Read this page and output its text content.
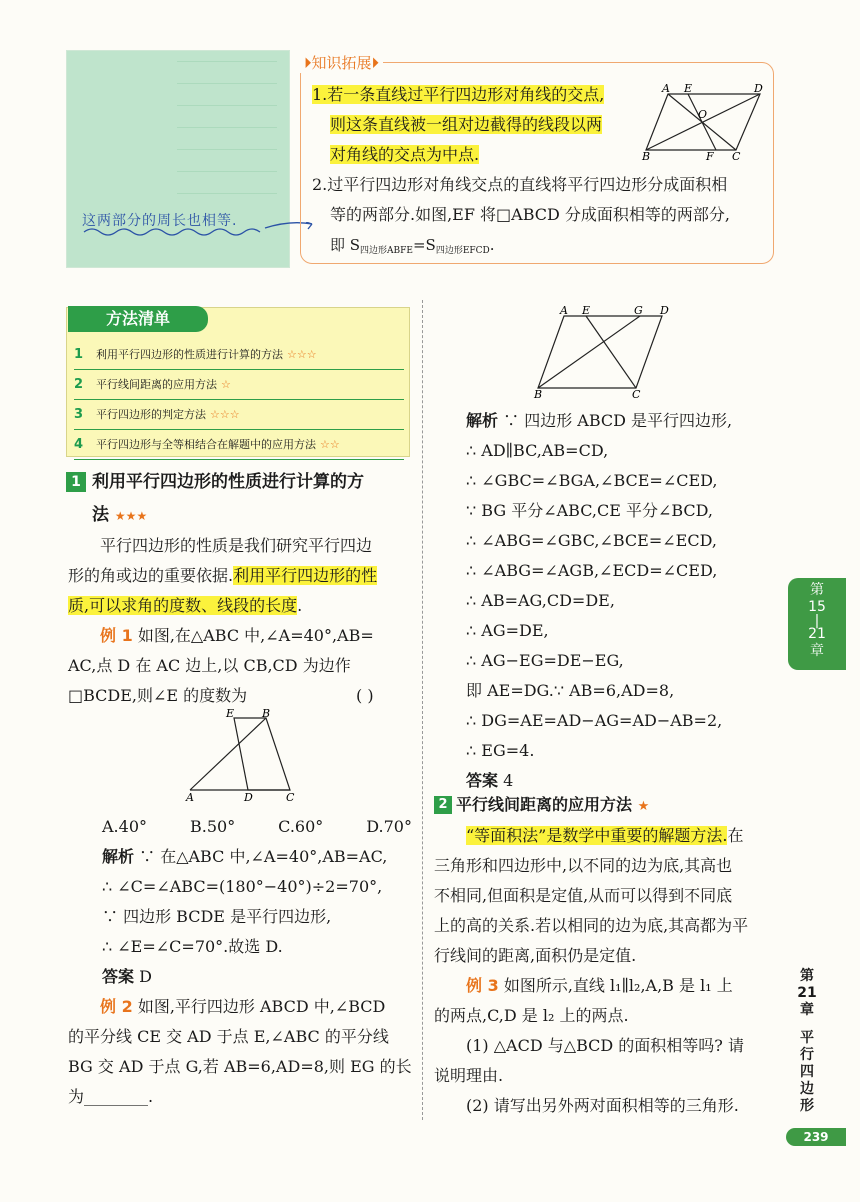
这两部分的周长也相等.
⏵知识拓展⏵
1.若一条直线过平行四边形对角线的交点,
则这条直线被一组对边截得的线段以两
对角线的交点为中点.
2.过平行四边形对角线交点的直线将平行四边形分成面积相
等的两部分.如图,EF 将□ABCD 分成面积相等的两部分,
即 $S_{四边形ABFE}=S_{四边形EFCD}$.
A E	D
O
B	F C
方法清单
1 利用平行四边形的性质进行计算的方法 ☆☆☆
2 平行线间距离的应用方法 ☆
3 平行四边形的判定方法 ☆☆☆
4 平行四边形与全等相结合在解题中的应用方法 ☆☆
1 利用平行四边形的性质进行计算的方
法 ★★★
平行四边形的性质是我们研究平行四边
形的角或边的重要依据.利用平行四边形的性
质,可以求角的度数、线段的长度.
例 1 如图,在△ABC 中,∠A=40°,AB=
AC,点 D 在 AC 边上,以 CB,CD 为边作
□BCDE,则∠E 的度数为	( )
E	B
A	D	C
A.40°	B.50°	C.60°	D.70°
解析 ∵ 在△ABC 中,∠A=40°,AB=AC,
∴ ∠C=∠ABC=(180°−40°)÷2=70°,
∵ 四边形 BCDE 是平行四边形,
∴ ∠E=∠C=70°.故选 D.
答案 D
例 2 如图,平行四边形 ABCD 中,∠BCD
的平分线 CE 交 AD 于点 E,∠ABC 的平分线
BG 交 AD 于点 G,若 AB=6,AD=8,则 EG 的长
为________.
A E	G D
B	C
解析 ∵ 四边形 ABCD 是平行四边形,
∴ AD∥BC,AB=CD,
∴ ∠GBC=∠BGA,∠BCE=∠CED,
∵ BG 平分∠ABC,CE 平分∠BCD,
∴ ∠ABG=∠GBC,∠BCE=∠ECD,
∴ ∠ABG=∠AGB,∠ECD=∠CED,
∴ AB=AG,CD=DE,
∴ AG=DE,
∴ AG−EG=DE−EG,
即 AE=DG.∵ AB=6,AD=8,
∴ DG=AE=AD−AG=AD−AB=2,
∴ EG=4.
答案 4
2 平行线间距离的应用方法 ★
“等面积法”是数学中重要的解题方法.在
三角形和四边形中,以不同的边为底,其高也
不相同,但面积是定值,从而可以得到不同底
上的高的关系.若以相同的边为底,其高都为平
行线间的距离,面积仍是定值.
例 3 如图所示,直线 l₁∥l₂,A,B 是 l₁ 上
的两点,C,D 是 l₂ 上的两点.
(1) △ACD 与△BCD 的面积相等吗? 请
说明理由.
(2) 请写出另外两对面积相等的三角形.
第
15
|
21
章
第
21
章
平
行
四
边
形
239
